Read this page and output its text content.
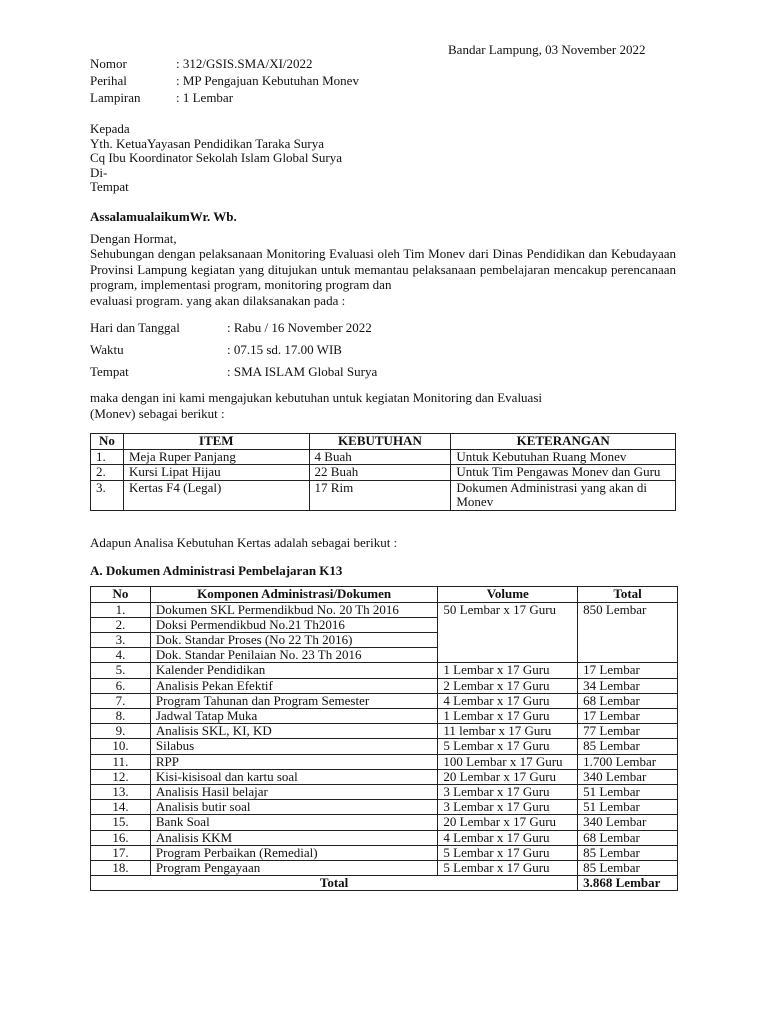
Bandar Lampung, 03 November 2022
Nomor	: 312/GSIS.SMA/XI/2022
Perihal	: MP Pengajuan Kebutuhan Monev
Lampiran	: 1 Lembar
Kepada
Yth. KetuaYayasan Pendidikan Taraka Surya
Cq Ibu Koordinator Sekolah Islam Global Surya
Di-
Tempat
AssalamualaikumWr. Wb.
Dengan Hormat,
Sehubungan dengan pelaksanaan Monitoring Evaluasi oleh Tim Monev dari Dinas Pendidikan dan Kebudayaan Provinsi Lampung kegiatan yang ditujukan untuk memantau pelaksanaan pembelajaran mencakup perencanaan program, implementasi program, monitoring program dan
evaluasi program. yang akan dilaksanakan pada :
Hari dan Tanggal	: Rabu / 16 November 2022
Waktu	: 07.15 sd. 17.00 WIB
Tempat	: SMA ISLAM Global Surya
maka dengan ini kami mengajukan kebutuhan untuk kegiatan Monitoring dan Evaluasi
(Monev) sebagai berikut :
No	ITEM	KEBUTUHAN	KETERANGAN
1.	Meja Ruper Panjang	4 Buah	Untuk Kebutuhan Ruang Monev
2.	Kursi Lipat Hijau	22 Buah	Untuk Tim Pengawas Monev dan Guru
3.	Kertas F4 (Legal)	17 Rim	Dokumen Administrasi yang akan di Monev
Adapun Analisa Kebutuhan Kertas adalah sebagai berikut :
A. Dokumen Administrasi Pembelajaran K13
No	Komponen Administrasi/Dokumen	Volume	Total
1.	Dokumen SKL Permendikbud No. 20 Th 2016	50 Lembar x 17 Guru	850 Lembar
2.	Doksi Permendikbud No.21 Th2016		
3.	Dok. Standar Proses (No 22 Th 2016)		
4.	Dok. Standar Penilaian No. 23 Th 2016		
5.	Kalender Pendidikan	1 Lembar x 17 Guru	17 Lembar
6.	Analisis Pekan Efektif	2 Lembar x 17 Guru	34 Lembar
7.	Program Tahunan dan Program Semester	4 Lembar x 17 Guru	68 Lembar
8.	Jadwal Tatap Muka	1 Lembar x 17 Guru	17 Lembar
9.	Analisis SKL, KI, KD	11 lembar x 17 Guru	77 Lembar
10.	Silabus	5 Lembar x 17 Guru	85 Lembar
11.	RPP	100 Lembar x 17 Guru	1.700 Lembar
12.	Kisi-kisisoal dan kartu soal	20 Lembar x 17 Guru	340 Lembar
13.	Analisis Hasil belajar	3 Lembar x 17 Guru	51 Lembar
14.	Analisis butir soal	3 Lembar x 17 Guru	51 Lembar
15.	Bank Soal	20 Lembar x 17 Guru	340 Lembar
16.	Analisis KKM	4 Lembar x 17 Guru	68 Lembar
17.	Program Perbaikan (Remedial)	5 Lembar x 17 Guru	85 Lembar
18.	Program Pengayaan	5 Lembar x 17 Guru	85 Lembar
Total			3.868 Lembar
